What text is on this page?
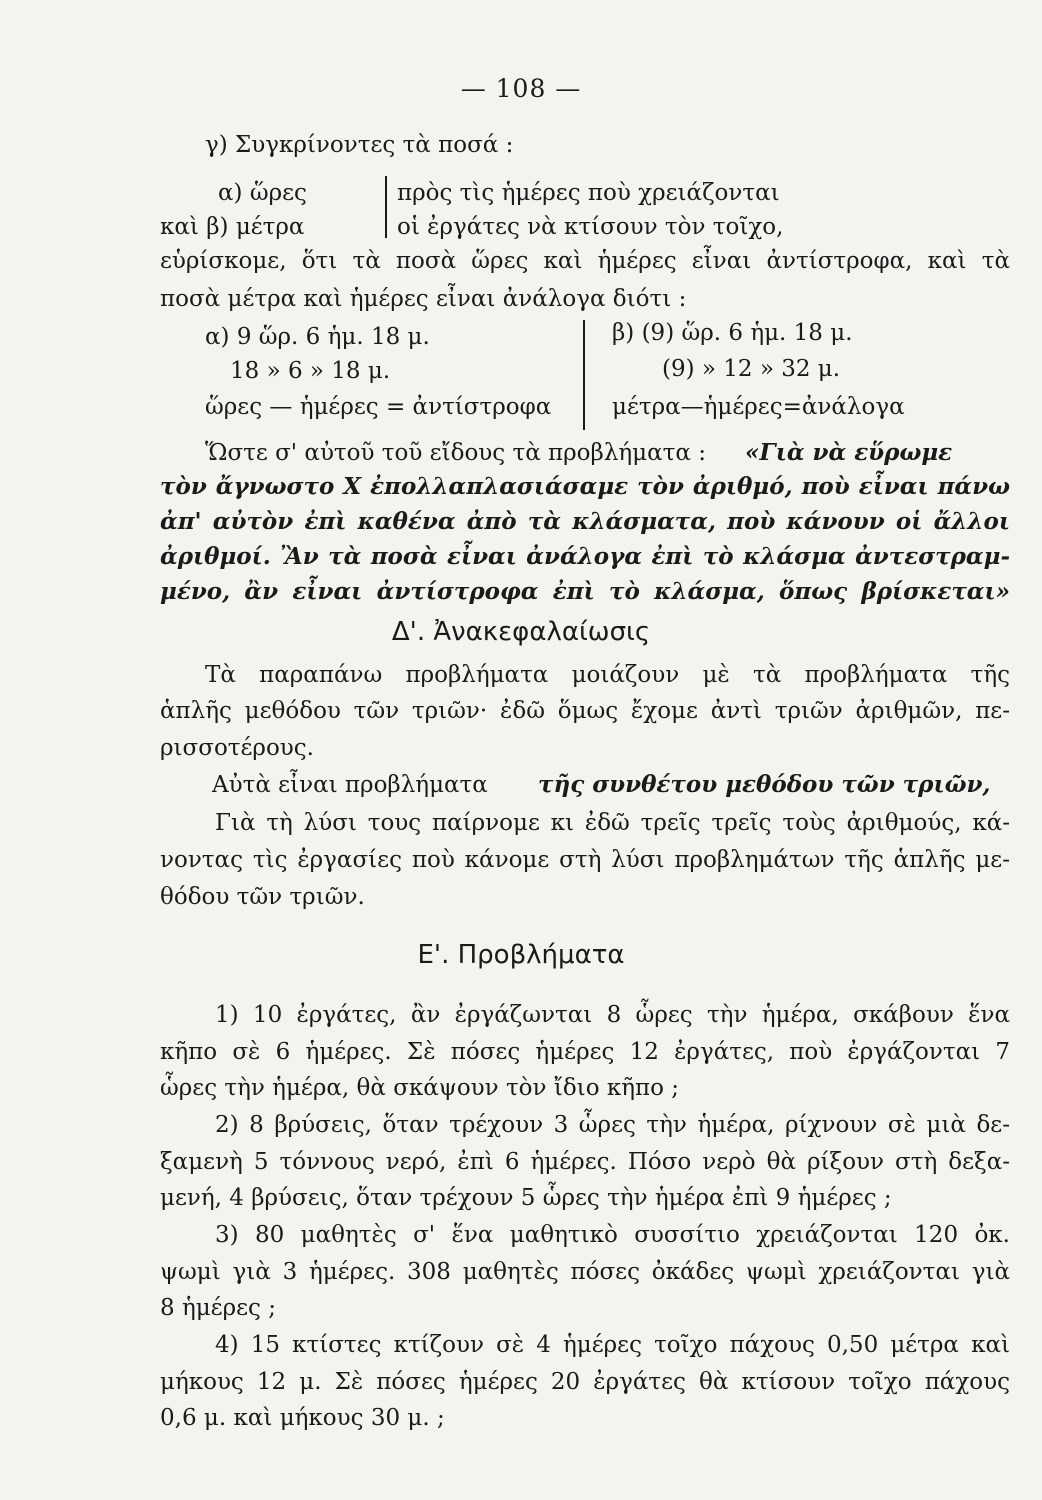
— 108 —
γ) Συγκρίνοντες τὰ ποσά :
α) ὥρες
καὶ β) μέτρα
πρὸς τὶς ἡμέρες ποὺ χρειάζονται
οἱ ἐργάτες νὰ κτίσουν τὸν τοῖχο,
εὑρίσκομε, ὅτι τὰ ποσὰ ὥρες καὶ ἡμέρες εἶναι ἀντίστροφα, καὶ τὰ
ποσὰ μέτρα καὶ ἡμέρες εἶναι ἀνάλογα διότι :
α) 9 ὥρ. 6 ἡμ. 18 μ.
18 » 6 » 18 μ.
ὥρες — ἡμέρες = ἀντίστροφα
β) (9) ὥρ. 6 ἡμ. 18 μ.
(9) » 12 » 32 μ.
μέτρα—ἡμέρες=ἀνάλογα
Ὥστε σ' αὐτοῦ τοῦ εἴδους τὰ προβλήματα : «Γιὰ νὰ εὕρωμε
τὸν ἄγνωστο Χ ἐπολλαπλασιάσαμε τὸν ἀριθμό, ποὺ εἶναι πάνω
ἀπ' αὐτὸν ἐπὶ καθένα ἀπὸ τὰ κλάσματα, ποὺ κάνουν οἱ ἄλλοι
ἀριθμοί. Ἂν τὰ ποσὰ εἶναι ἀνάλογα ἐπὶ τὸ κλάσμα ἀντεστραμ-
μένο, ἂν εἶναι ἀντίστροφα ἐπὶ τὸ κλάσμα, ὅπως βρίσκεται»
Δ'. Ἀνακεφαλαίωσις
Τὰ παραπάνω προβλήματα μοιάζουν μὲ τὰ προβλήματα τῆς
ἁπλῆς μεθόδου τῶν τριῶν· ἐδῶ ὅμως ἔχομε ἀντὶ τριῶν ἀριθμῶν, πε-
ρισσοτέρους.
Αὐτὰ εἶναι προβλήματα τῆς συνθέτου μεθόδου τῶν τριῶν,
Γιὰ τὴ λύσι τους παίρνομε κι ἐδῶ τρεῖς τρεῖς τοὺς ἀριθμούς, κά-
νοντας τὶς ἐργασίες ποὺ κάνομε στὴ λύσι προβλημάτων τῆς ἁπλῆς με-
θόδου τῶν τριῶν.
Ε'. Προβλήματα
1) 10 ἐργάτες, ἂν ἐργάζωνται 8 ὧρες τὴν ἡμέρα, σκάβουν ἕνα
κῆπο σὲ 6 ἡμέρες. Σὲ πόσες ἡμέρες 12 ἐργάτες, ποὺ ἐργάζονται 7
ὧρες τὴν ἡμέρα, θὰ σκάψουν τὸν ἴδιο κῆπο ;
2) 8 βρύσεις, ὅταν τρέχουν 3 ὧρες τὴν ἡμέρα, ρίχνουν σὲ μιὰ δε-
ξαμενὴ 5 τόννους νερό, ἐπὶ 6 ἡμέρες. Πόσο νερὸ θὰ ρίξουν στὴ δεξα-
μενή, 4 βρύσεις, ὅταν τρέχουν 5 ὧρες τὴν ἡμέρα ἐπὶ 9 ἡμέρες ;
3) 80 μαθητὲς σ' ἕνα μαθητικὸ συσσίτιο χρειάζονται 120 ὀκ.
ψωμὶ γιὰ 3 ἡμέρες. 308 μαθητὲς πόσες ὀκάδες ψωμὶ χρειάζονται γιὰ
8 ἡμέρες ;
4) 15 κτίστες κτίζουν σὲ 4 ἡμέρες τοῖχο πάχους 0,50 μέτρα καὶ
μήκους 12 μ. Σὲ πόσες ἡμέρες 20 ἐργάτες θὰ κτίσουν τοῖχο πάχους
0,6 μ. καὶ μήκους 30 μ. ;
